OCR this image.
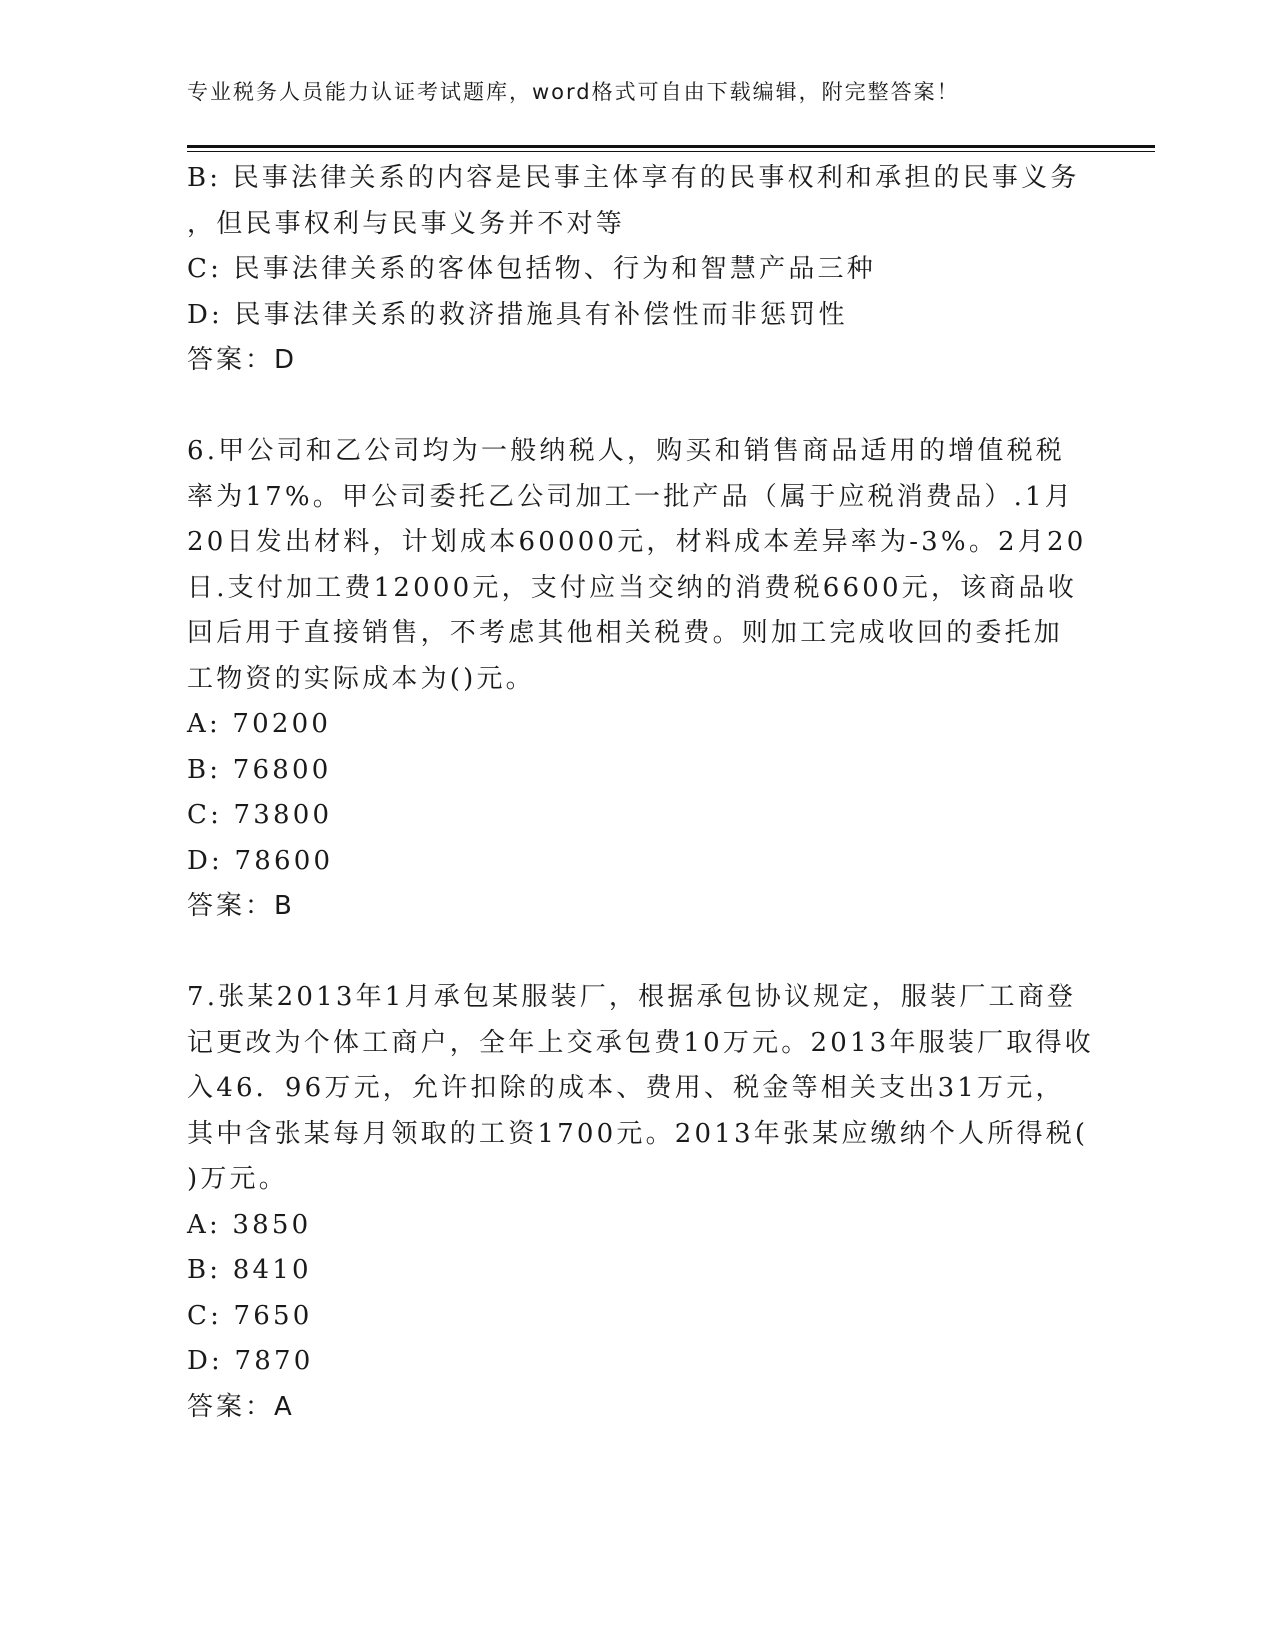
专业税务人员能力认证考试题库，word格式可自由下载编辑，附完整答案！
B: 民事法律关系的内容是民事主体享有的民事权利和承担的民事义务
，但民事权利与民事义务并不对等
C: 民事法律关系的客体包括物、行为和智慧产品三种
D: 民事法律关系的救济措施具有补偿性而非惩罚性
答案：D
6.甲公司和乙公司均为一般纳税人，购买和销售商品适用的增值税税
率为17%。甲公司委托乙公司加工一批产品（属于应税消费品）.1月
20日发出材料，计划成本60000元，材料成本差异率为-3%。2月20
日.支付加工费12000元，支付应当交纳的消费税6600元，该商品收
回后用于直接销售，不考虑其他相关税费。则加工完成收回的委托加
工物资的实际成本为()元。
A: 70200
B: 76800
C: 73800
D: 78600
答案：B
7.张某2013年1月承包某服装厂，根据承包协议规定，服装厂工商登
记更改为个体工商户，全年上交承包费10万元。2013年服装厂取得收
入46．96万元，允许扣除的成本、费用、税金等相关支出31万元，
其中含张某每月领取的工资1700元。2013年张某应缴纳个人所得税(
)万元。
A: 3850
B: 8410
C: 7650
D: 7870
答案：A
